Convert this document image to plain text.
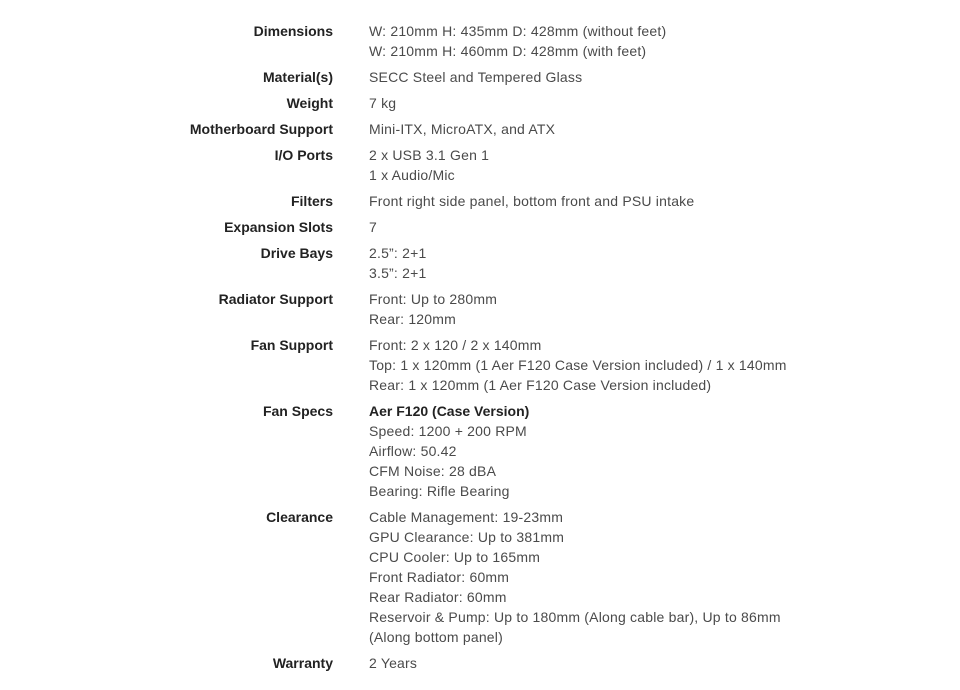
Dimensions	W: 210mm H: 435mm D: 428mm (without feet)
W: 210mm H: 460mm D: 428mm (with feet)
Material(s)	SECC Steel and Tempered Glass
Weight	7 kg
Motherboard Support	Mini-ITX, MicroATX, and ATX
I/O Ports	2 x USB 3.1 Gen 1
1 x Audio/Mic
Filters	Front right side panel, bottom front and PSU intake
Expansion Slots	7
Drive Bays	2.5”: 2+1
3.5”: 2+1
Radiator Support	Front: Up to 280mm
Rear: 120mm
Fan Support	Front: 2 x 120 / 2 x 140mm
Top: 1 x 120mm (1 Aer F120 Case Version included) / 1 x 140mm
Rear: 1 x 120mm (1 Aer F120 Case Version included)
Fan Specs	Aer F120 (Case Version)
Speed: 1200 + 200 RPM
Airflow: 50.42
CFM Noise: 28 dBA
Bearing: Rifle Bearing
Clearance	Cable Management: 19-23mm
GPU Clearance: Up to 381mm
CPU Cooler: Up to 165mm
Front Radiator: 60mm
Rear Radiator: 60mm
Reservoir & Pump: Up to 180mm (Along cable bar), Up to 86mm (Along bottom panel)
Warranty	2 Years
